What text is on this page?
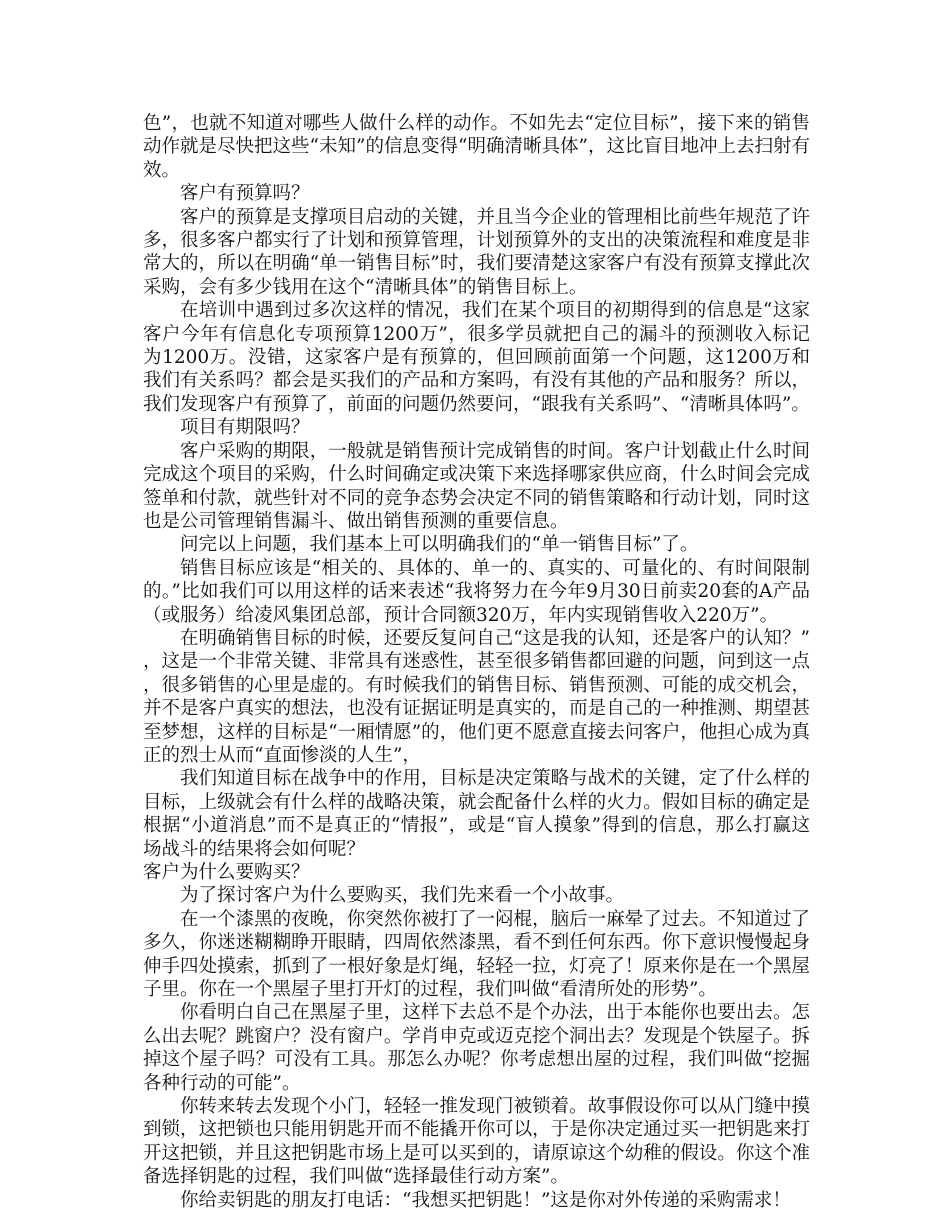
色”，也就不知道对哪些人做什么样的动作。不如先去“定位目标”，接下来的销售动作就是尽快把这些“未知”的信息变得“明确清晰具体”，这比盲目地冲上去扫射有效。

客户有预算吗？

客户的预算是支撑项目启动的关键，并且当今企业的管理相比前些年规范了许多，很多客户都实行了计划和预算管理，计划预算外的支出的决策流程和难度是非常大的，所以在明确“单一销售目标”时，我们要清楚这家客户有没有预算支撑此次采购，会有多少钱用在这个“清晰具体”的销售目标上。

在培训中遇到过多次这样的情况，我们在某个项目的初期得到的信息是“这家客户今年有信息化专项预算1200万”，很多学员就把自己的漏斗的预测收入标记为1200万。没错，这家客户是有预算的，但回顾前面第一个问题，这1200万和我们有关系吗？都会是买我们的产品和方案吗，有没有其他的产品和服务？所以，我们发现客户有预算了，前面的问题仍然要问，“跟我有关系吗”、“清晰具体吗”。

项目有期限吗？

客户采购的期限，一般就是销售预计完成销售的时间。客户计划截止什么时间完成这个项目的采购，什么时间确定或决策下来选择哪家供应商，什么时间会完成签单和付款，就些针对不同的竞争态势会决定不同的销售策略和行动计划，同时这也是公司管理销售漏斗、做出销售预测的重要信息。

问完以上问题，我们基本上可以明确我们的“单一销售目标”了。

销售目标应该是“相关的、具体的、单一的、真实的、可量化的、有时间限制的。”比如我们可以用这样的话来表述“我将努力在今年9月30日前卖20套的A产品（或服务）给凌风集团总部，预计合同额320万，年内实现销售收入220万”。

在明确销售目标的时候，还要反复问自己“这是我的认知，还是客户的认知？”，这是一个非常关键、非常具有迷惑性，甚至很多销售都回避的问题，问到这一点，很多销售的心里是虚的。有时候我们的销售目标、销售预测、可能的成交机会，并不是客户真实的想法，也没有证据证明是真实的，而是自己的一种推测、期望甚至梦想，这样的目标是“一厢情愿”的，他们更不愿意直接去问客户，他担心成为真正的烈士从而“直面惨淡的人生”，

我们知道目标在战争中的作用，目标是决定策略与战术的关键，定了什么样的目标，上级就会有什么样的战略决策，就会配备什么样的火力。假如目标的确定是根据“小道消息”而不是真正的“情报”，或是“盲人摸象”得到的信息，那么打赢这场战斗的结果将会如何呢？

客户为什么要购买？

为了探讨客户为什么要购买，我们先来看一个小故事。

在一个漆黑的夜晚，你突然你被打了一闷棍，脑后一麻晕了过去。不知道过了多久，你迷迷糊糊睁开眼睛，四周依然漆黑，看不到任何东西。你下意识慢慢起身伸手四处摸索，抓到了一根好象是灯绳，轻轻一拉，灯亮了！原来你是在一个黑屋子里。你在一个黑屋子里打开灯的过程，我们叫做“看清所处的形势”。

你看明白自己在黑屋子里，这样下去总不是个办法，出于本能你也要出去。怎么出去呢？跳窗户？没有窗户。学肖申克或迈克挖个洞出去？发现是个铁屋子。拆掉这个屋子吗？可没有工具。那怎么办呢？你考虑想出屋的过程，我们叫做“挖掘各种行动的可能”。

你转来转去发现个小门，轻轻一推发现门被锁着。故事假设你可以从门缝中摸到锁，这把锁也只能用钥匙开而不能撬开你可以，于是你决定通过买一把钥匙来打开这把锁，并且这把钥匙市场上是可以买到的，请原谅这个幼稚的假设。你这个准备选择钥匙的过程，我们叫做“选择最佳行动方案”。

你给卖钥匙的朋友打电话：“我想买把钥匙！”这是你对外传递的采购需求！
